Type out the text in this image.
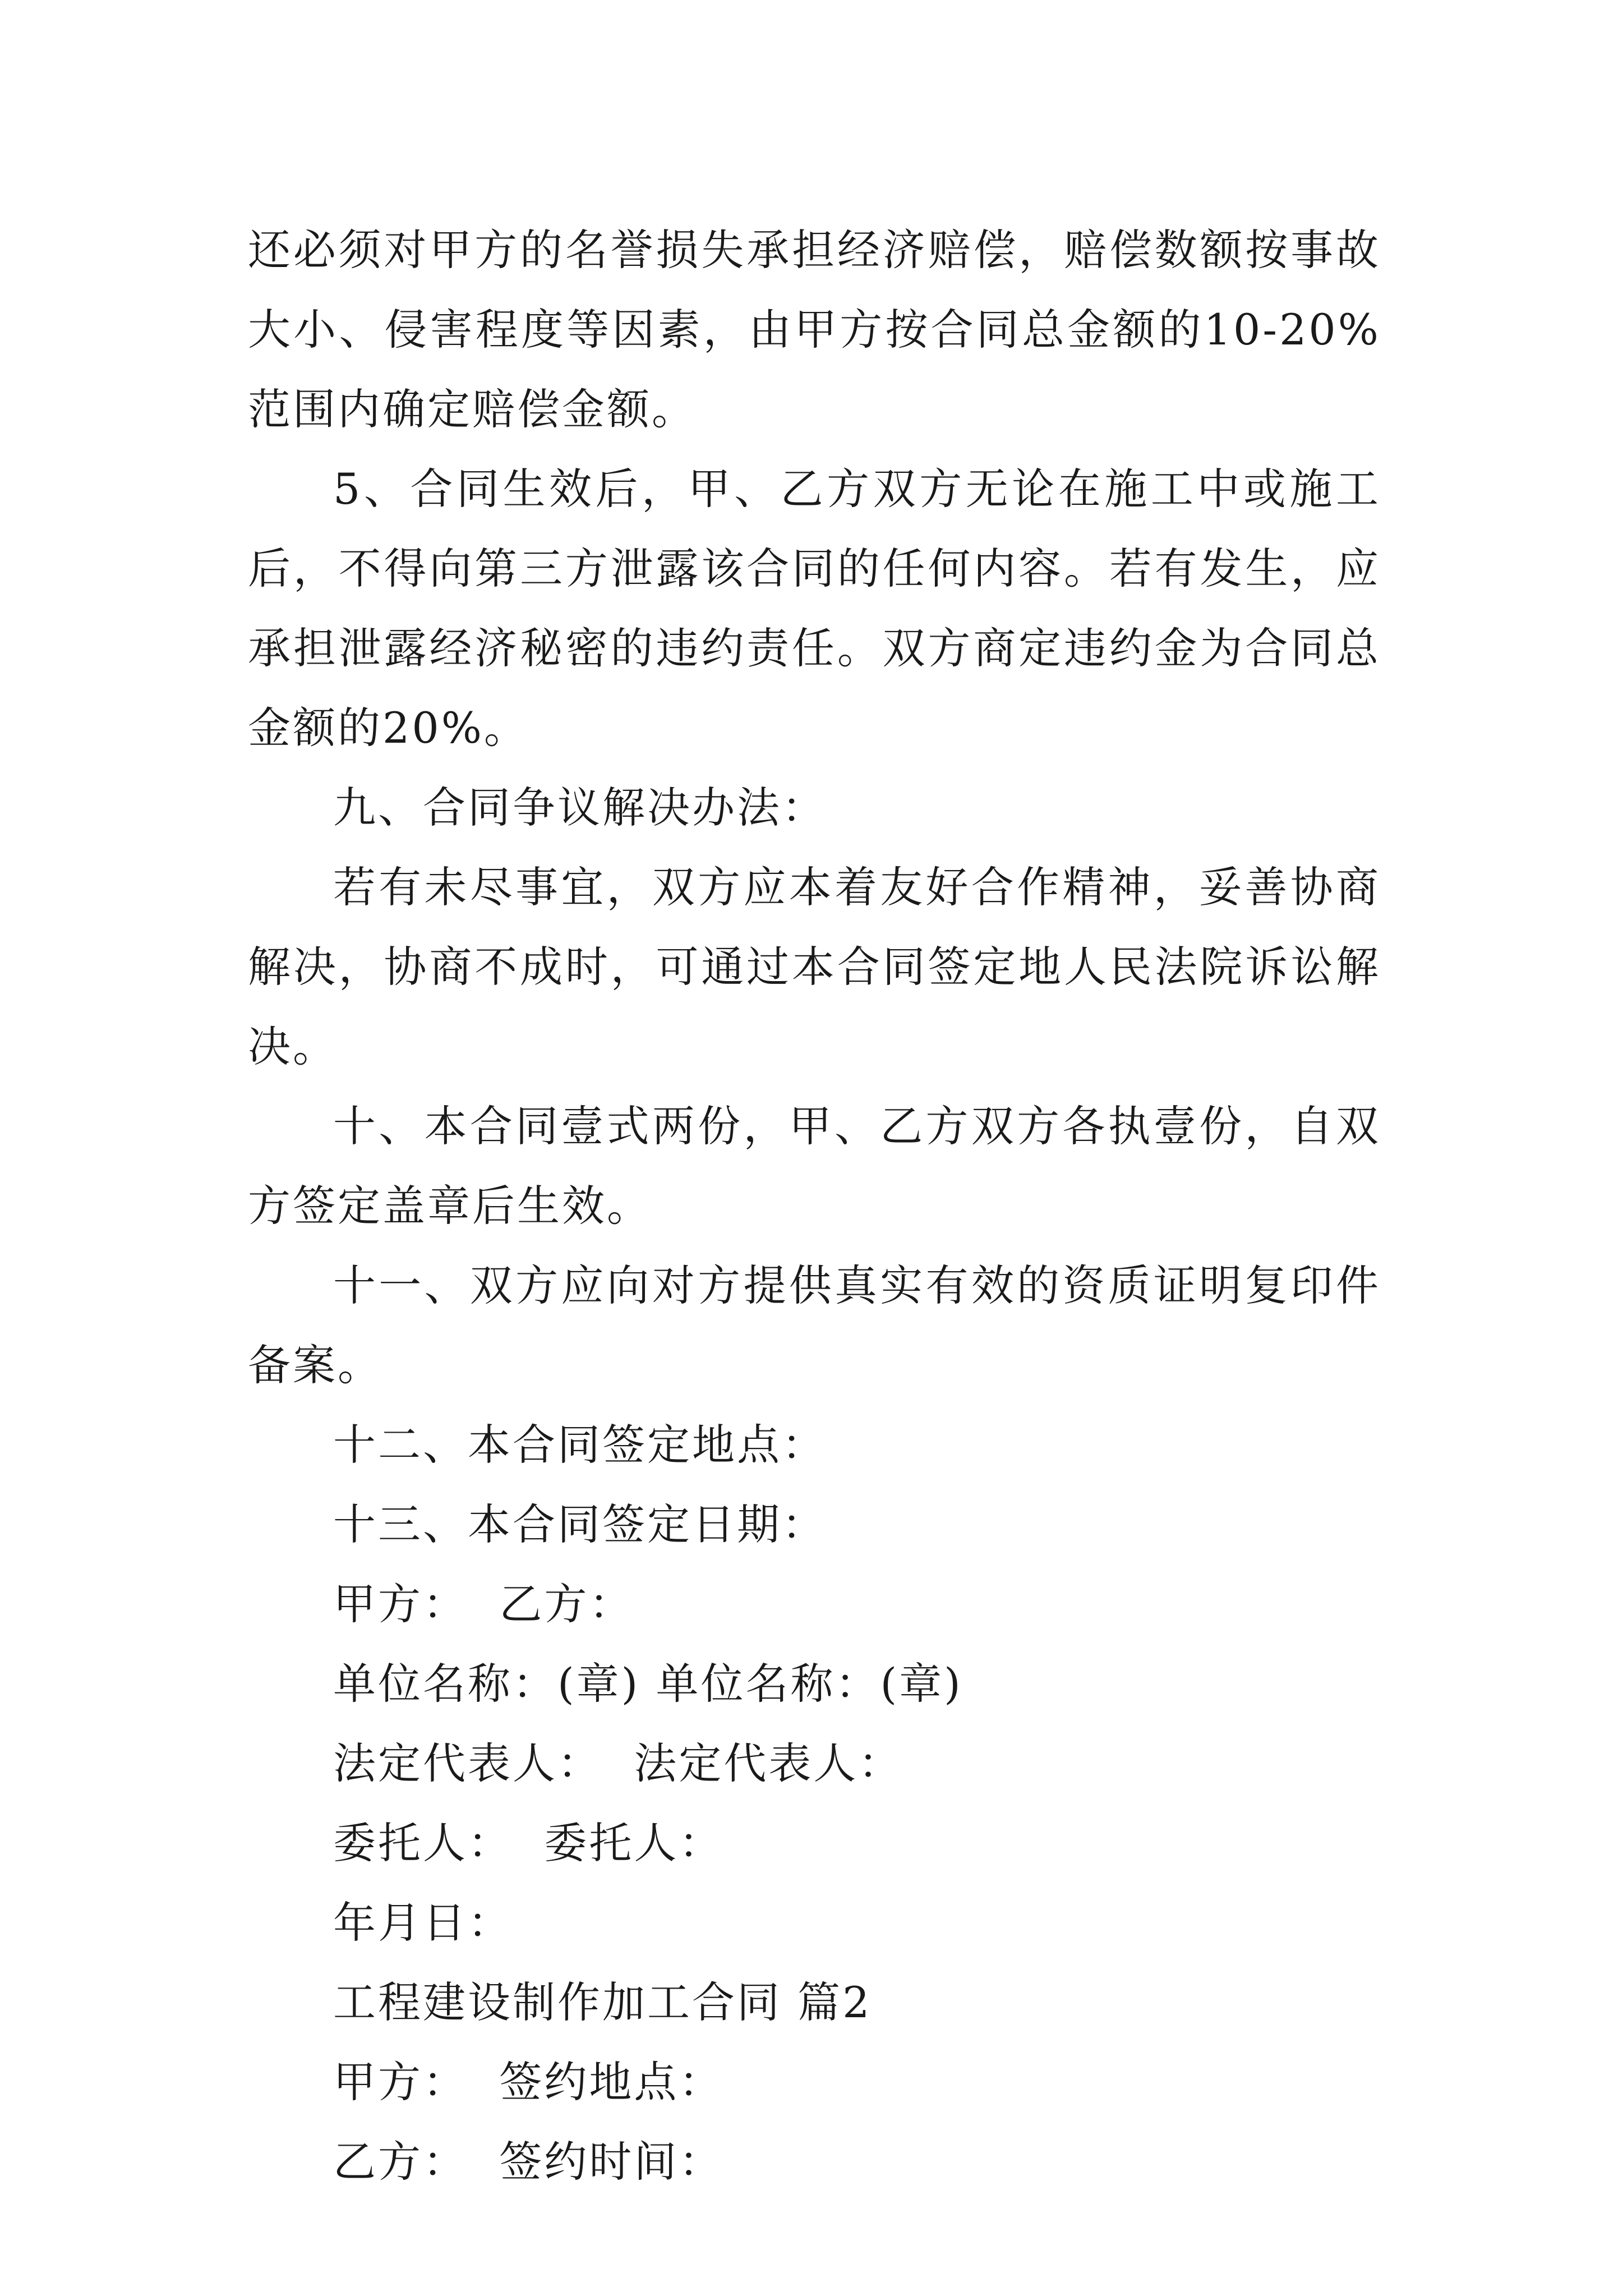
还必须对甲方的名誉损失承担经济赔偿，赔偿数额按事故大小、侵害程度等因素，由甲方按合同总金额的10-20%范围内确定赔偿金额。

5、合同生效后，甲、乙方双方无论在施工中或施工后，不得向第三方泄露该合同的任何内容。若有发生，应承担泄露经济秘密的违约责任。双方商定违约金为合同总金额的20%。

九、合同争议解决办法：

若有未尽事宜，双方应本着友好合作精神，妥善协商解决，协商不成时，可通过本合同签定地人民法院诉讼解决。

十、本合同壹式两份，甲、乙方双方各执壹份，自双方签定盖章后生效。

十一、双方应向对方提供真实有效的资质证明复印件备案。

十二、本合同签定地点：

十三、本合同签定日期：

甲方：  乙方：

单位名称：(章) 单位名称：(章)

法定代表人：  法定代表人：

委托人：  委托人：

年月日：

工程建设制作加工合同 篇2

甲方：  签约地点：

乙方：  签约时间：
